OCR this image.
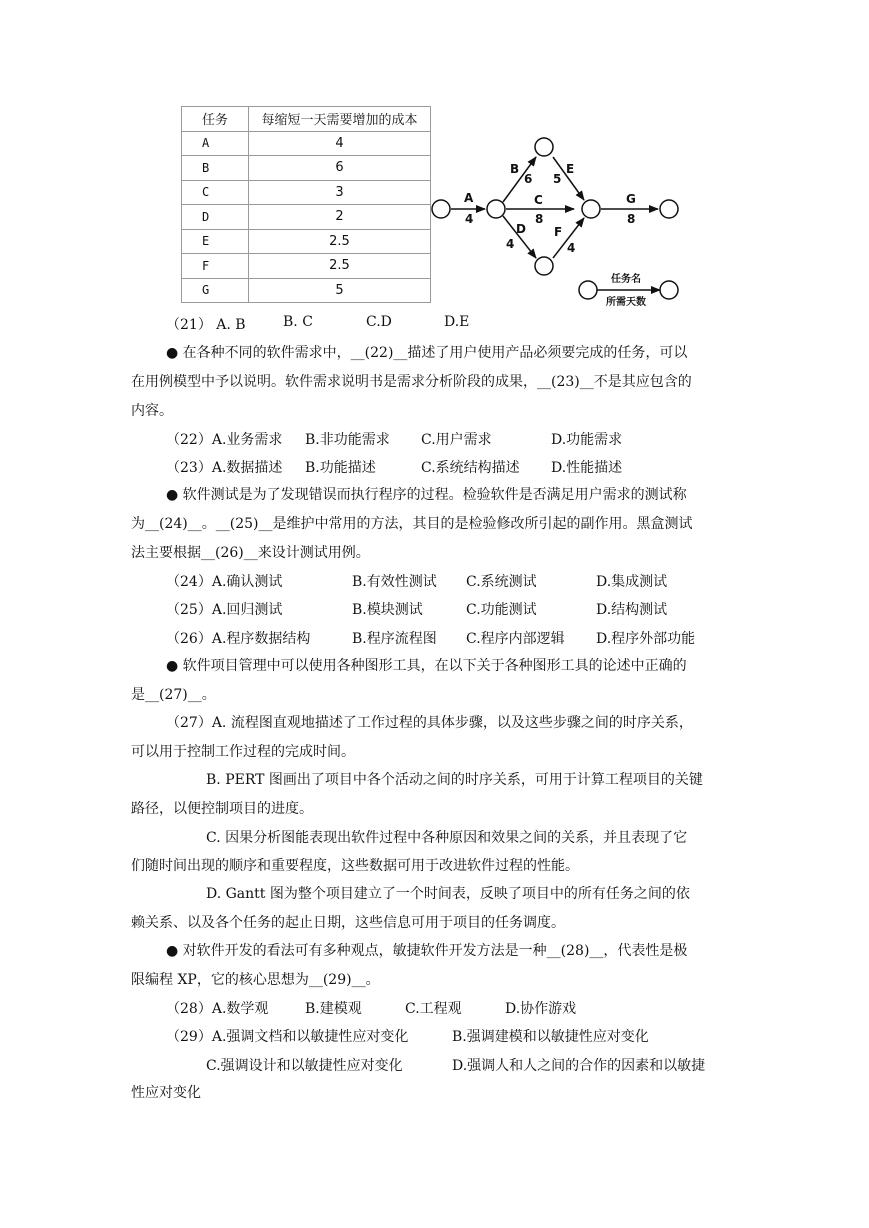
任务	每缩短一天需要增加的成本
A	4
B	6
C	3
D	2
E	2.5
F	2.5
G	5
A
4
B
6
C
8
D
4
E
5
F
4
G
8
任务名
所需天数
（21） A. B	B. C	C.D	D.E
● 在各种不同的软件需求中，__(22)__描述了用户使用产品必须要完成的任务，可以
在用例模型中予以说明。软件需求说明书是需求分析阶段的成果，__(23)__不是其应包含的
内容。
（22）A.业务需求 B.非功能需求 C.用户需求	D.功能需求
（23）A.数据描述 B.功能描述	C.系统结构描述 D.性能描述
● 软件测试是为了发现错误而执行程序的过程。检验软件是否满足用户需求的测试称
为__(24)__。__(25)__是维护中常用的方法，其目的是检验修改所引起的副作用。黑盒测试
法主要根据__(26)__来设计测试用例。
（24）A.确认测试	B.有效性测试 C.系统测试	D.集成测试
（25）A.回归测试	B.模块测试	C.功能测试	D.结构测试
（26）A.程序数据结构	B.程序流程图 C.程序内部逻辑 D.程序外部功能
● 软件项目管理中可以使用各种图形工具，在以下关于各种图形工具的论述中正确的
是__(27)__。
（27）A. 流程图直观地描述了工作过程的具体步骤，以及这些步骤之间的时序关系，
可以用于控制工作过程的完成时间。
B. PERT 图画出了项目中各个活动之间的时序关系，可用于计算工程项目的关键
路径，以便控制项目的进度。
C. 因果分析图能表现出软件过程中各种原因和效果之间的关系，并且表现了它
们随时间出现的顺序和重要程度，这些数据可用于改进软件过程的性能。
D. Gantt 图为整个项目建立了一个时间表，反映了项目中的所有任务之间的依
赖关系、以及各个任务的起止日期，这些信息可用于项目的任务调度。
● 对软件开发的看法可有多种观点，敏捷软件开发方法是一种__(28)__，代表性是极
限编程 XP，它的核心思想为__(29)__。
（28）A.数学观	B.建模观	C.工程观	D.协作游戏
（29）A.强调文档和以敏捷性应对变化	B.强调建模和以敏捷性应对变化
C.强调设计和以敏捷性应对变化	D.强调人和人之间的合作的因素和以敏捷
性应对变化
